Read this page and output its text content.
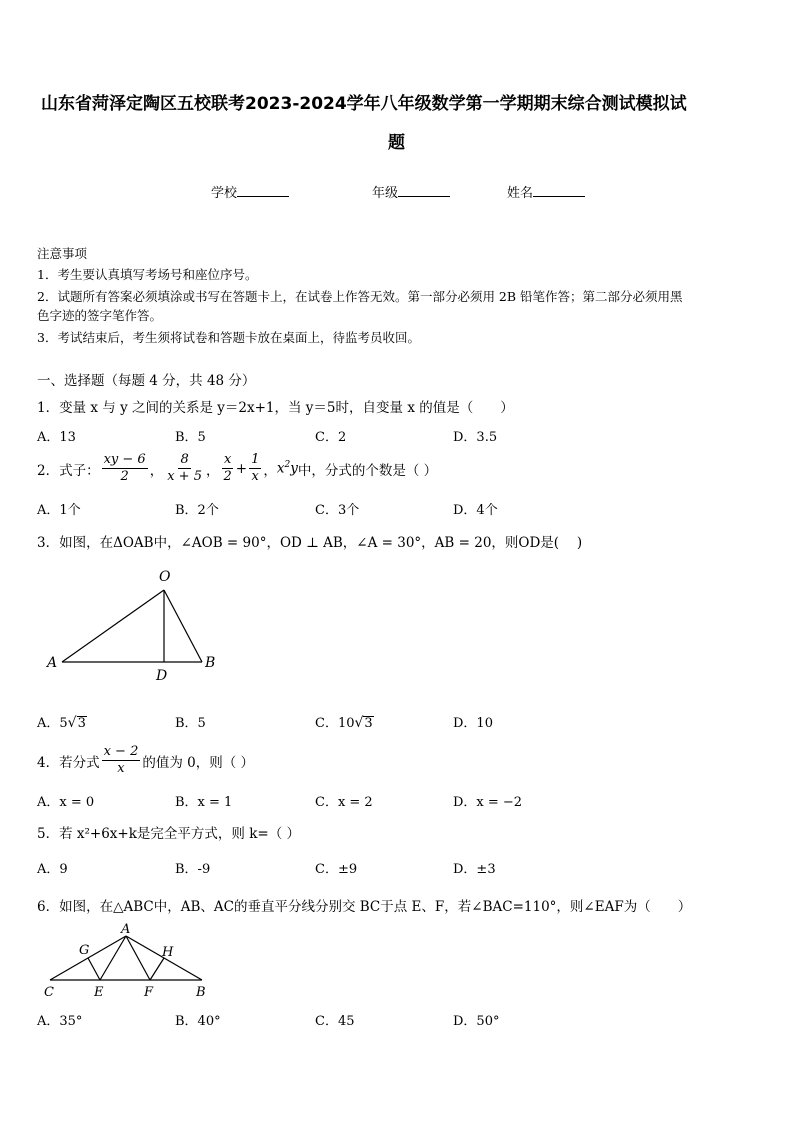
山东省菏泽定陶区五校联考2023-2024学年八年级数学第一学期期末综合测试模拟试
题
学校	年级	姓名
注意事项
1．考生要认真填写考场号和座位序号。
2．试题所有答案必须填涂或书写在答题卡上，在试卷上作答无效。第一部分必须用 2B 铅笔作答；第二部分必须用黑
色字迹的签字笔作答。
3．考试结束后，考生须将试卷和答题卡放在桌面上，待监考员收回。
一、选择题（每题 4 分，共 48 分）
1．变量 x 与 y 之间的关系是 y＝2x+1，当 y＝5时，自变量 x 的值是（　　）
A．13	B．5	C．2	D．3.5
2．式子： $\frac{xy - 6}{2}$ ， $\frac{8}{x + 5}$ ， $\frac{x}{2} + \frac{1}{x}$ ， $x^2y$ 中，分式的个数是（ ）
A．1个	B．2个	C．3个	D．4个
3．如图，在ΔOAB中，∠AOB = 90°，OD ⊥ AB，∠A = 30°，AB = 20，则OD是(　 )
O
A	B
D
A．5√3	B．5	C．10√3	D．10
4．若分式 $\frac{x - 2}{x}$ 的值为 0，则（ ）
A．x = 0	B．x = 1	C．x = 2	D．x = −2
5．若 x²+6x+k是完全平方式，则 k=（ ）
A．9	B．-9	C．±9	D．±3
6．如图，在△ABC中，AB、AC的垂直平分线分别交 BC于点 E、F，若∠BAC=110°，则∠EAF为（　　）
A
G	H
C	E	F	B
A．35°	B．40°	C．45	D．50°
